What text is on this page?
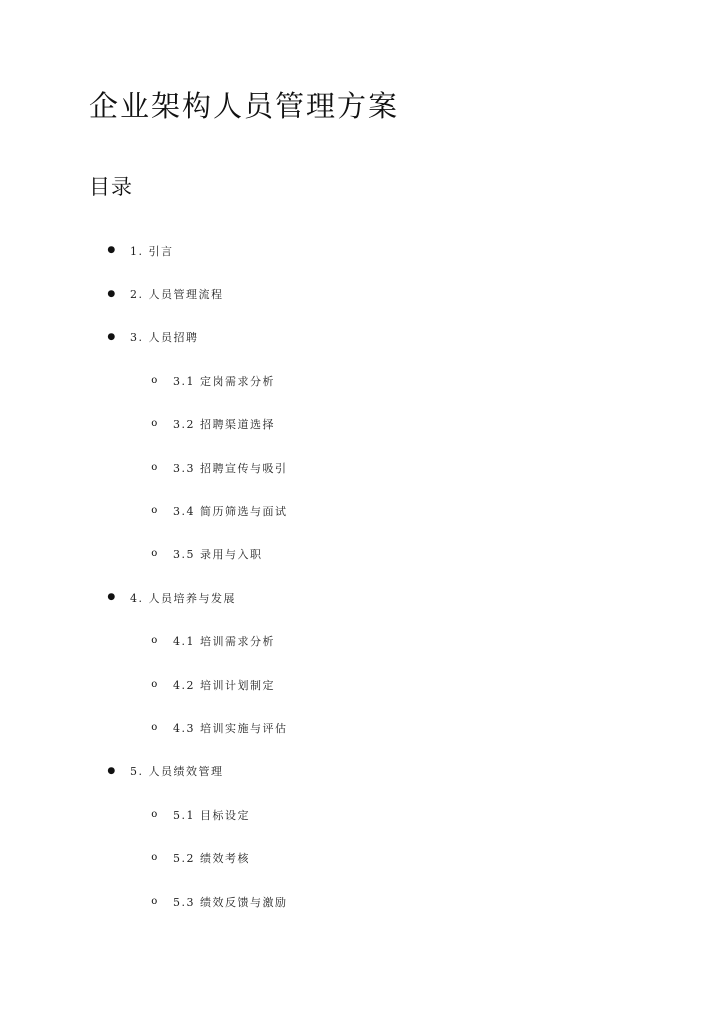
企业架构人员管理方案
目录
● 1. 引言
● 2. 人员管理流程
● 3. 人员招聘
o 3.1 定岗需求分析
o 3.2 招聘渠道选择
o 3.3 招聘宣传与吸引
o 3.4 简历筛选与面试
o 3.5 录用与入职
● 4. 人员培养与发展
o 4.1 培训需求分析
o 4.2 培训计划制定
o 4.3 培训实施与评估
● 5. 人员绩效管理
o 5.1 目标设定
o 5.2 绩效考核
o 5.3 绩效反馈与激励
